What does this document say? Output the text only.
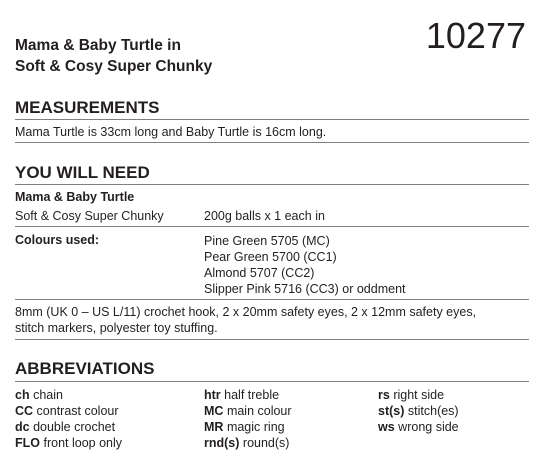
Mama & Baby Turtle in
Soft & Cosy Super Chunky
10277
MEASUREMENTS
Mama Turtle is 33cm long and Baby Turtle is 16cm long.
YOU WILL NEED
Mama & Baby Turtle
Soft & Cosy Super Chunky	200g balls x 1 each in
Colours used:	Pine Green 5705 (MC)
Pear Green 5700 (CC1)
Almond 5707 (CC2)
Slipper Pink 5716 (CC3) or oddment
8mm (UK 0 – US L/11) crochet hook, 2 x 20mm safety eyes, 2 x 12mm safety eyes,
stitch markers, polyester toy stuffing.
ABBREVIATIONS
ch chain
CC contrast colour
dc double crochet
FLO front loop only
htr half treble
MC main colour
MR magic ring
rnd(s) round(s)
rs right side
st(s) stitch(es)
ws wrong side
